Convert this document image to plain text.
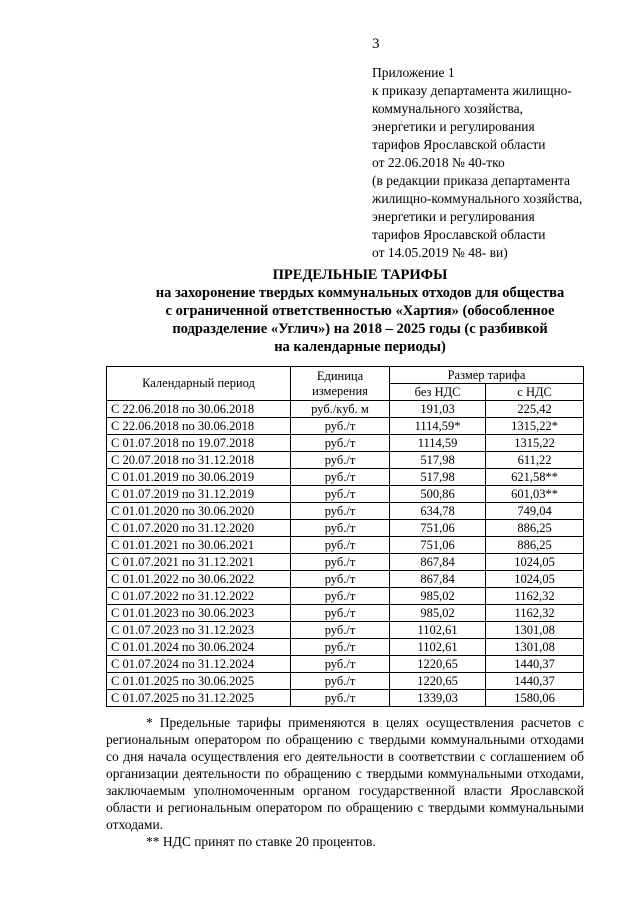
3
Приложение 1
к приказу департамента жилищно-
коммунального хозяйства,
энергетики и регулирования
тарифов Ярославской области
от 22.06.2018 № 40-тко
(в редакции приказа департамента
жилищно-коммунального хозяйства,
энергетики и регулирования
тарифов Ярославской области
от 14.05.2019 № 48- ви)
ПРЕДЕЛЬНЫЕ ТАРИФЫ
на захоронение твердых коммунальных отходов для общества
с ограниченной ответственностью «Хартия» (обособленное
подразделение «Углич») на 2018 – 2025 годы (с разбивкой
на календарные периоды)
Календарный период	Единица измерения	Размер тарифа	
		без НДС	с НДС
С 22.06.2018 по 30.06.2018	руб./куб. м	191,03	225,42
С 22.06.2018 по 30.06.2018	руб./т	1114,59*	1315,22*
С 01.07.2018 по 19.07.2018	руб./т	1114,59	1315,22
С 20.07.2018 по 31.12.2018	руб./т	517,98	611,22
С 01.01.2019 по 30.06.2019	руб./т	517,98	621,58**
С 01.07.2019 по 31.12.2019	руб./т	500,86	601,03**
С 01.01.2020 по 30.06.2020	руб./т	634,78	749,04
С 01.07.2020 по 31.12.2020	руб./т	751,06	886,25
С 01.01.2021 по 30.06.2021	руб./т	751,06	886,25
С 01.07.2021 по 31.12.2021	руб./т	867,84	1024,05
С 01.01.2022 по 30.06.2022	руб./т	867,84	1024,05
С 01.07.2022 по 31.12.2022	руб./т	985,02	1162,32
С 01.01.2023 по 30.06.2023	руб./т	985,02	1162,32
С 01.07.2023 по 31.12.2023	руб./т	1102,61	1301,08
С 01.01.2024 по 30.06.2024	руб./т	1102,61	1301,08
С 01.07.2024 по 31.12.2024	руб./т	1220,65	1440,37
С 01.01.2025 по 30.06.2025	руб./т	1220,65	1440,37
С 01.07.2025 по 31.12.2025	руб./т	1339,03	1580,06

* Предельные тарифы применяются в целях осуществления расчетов с региональным оператором по обращению с твердыми коммунальными отходами со дня начала осуществления его деятельности в соответствии с соглашением об организации деятельности по обращению с твердыми коммунальными отходами, заключаемым уполномоченным органом государственной власти Ярославской области и региональным оператором по обращению с твердыми коммунальными отходами.

** НДС принят по ставке 20 процентов.
